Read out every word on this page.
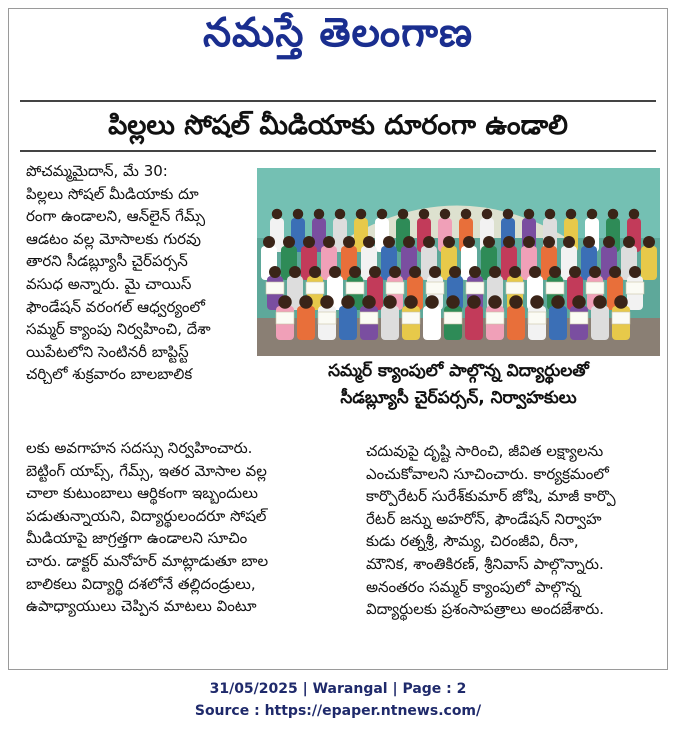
నమస్తే తెలంగాణ
పిల్లలు సోషల్ మీడియాకు దూరంగా ఉండాలి
పోచమ్మమైదాన్, మే 30:
పిల్లలు సోషల్ మీడియాకు దూ
రంగా ఉండాలని, ఆన్‌లైన్ గేమ్స్
ఆడటం వల్ల మోసాలకు గురవు
తారని సీడబ్ల్యూసీ చైర్‌పర్సన్
వసుధ అన్నారు. మై చాయిస్
ఫౌండేషన్ వరంగల్ ఆధ్వర్యంలో
సమ్మర్ క్యాంపు నిర్వహించి, దేశా
యిపేటలోని సెంటినరీ బాప్టిస్ట్
చర్చిలో శుక్రవారం బాలబాలిక	సమ్మర్ క్యాంపులో పాల్గొన్న విద్యార్థులతో
సీడబ్ల్యూసీ చైర్‌పర్సన్, నిర్వాహకులు
లకు అవగాహన సదస్సు నిర్వహించారు.
బెట్టింగ్ యాప్స్, గేమ్స్, ఇతర మోసాల వల్ల
చాలా కుటుంబాలు ఆర్థికంగా ఇబ్బందులు
పడుతున్నాయని, విద్యార్థులందరూ సోషల్
మీడియాపై జాగ్రత్తగా ఉండాలని సూచిం
చారు. డాక్టర్ మనోహర్ మాట్లాడుతూ బాల
బాలికలు విద్యార్థి దశలోనే తల్లిదండ్రులు,
ఉపాధ్యాయులు చెప్పిన మాటలు వింటూ
చదువుపై దృష్టి సారించి, జీవిత లక్ష్యాలను
ఎంచుకోవాలని సూచించారు. కార్యక్రమంలో
కార్పొరేటర్ సురేశ్‌కుమార్ జోషి, మాజీ కార్పొ
రేటర్ జన్ను అహరోన్, ఫౌండేషన్ నిర్వాహ
కుడు రత్నశ్రీ, సౌమ్య, చిరంజీవి, రీనా,
మౌనిక, శాంతికిరణ్, శ్రీనివాస్ పాల్గొన్నారు.
అనంతరం సమ్మర్ క్యాంపులో పాల్గొన్న
విద్యార్థులకు ప్రశంసాపత్రాలు అందజేశారు.
31/05/2025 | Warangal | Page : 2
Source : https://epaper.ntnews.com/
